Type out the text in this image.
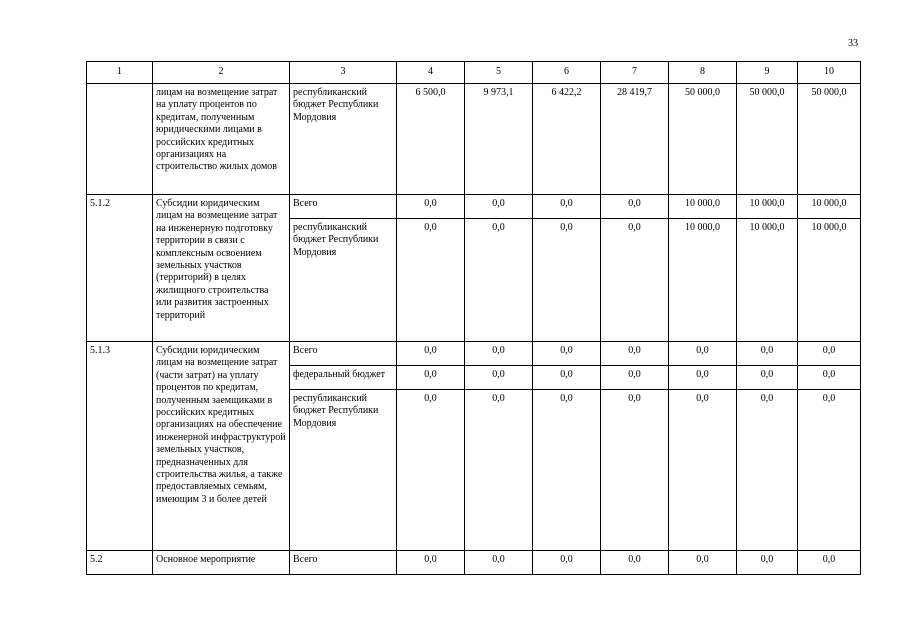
33
1	2	3	4	5	6	7	8	9	10
	лицам на возмещение затрат на уплату процентов по кредитам, полученным юридическими лицами в российских кредитных организациях на строительство жилых домов	республиканский бюджет Республики Мордовия	6 500,0	9 973,1	6 422,2	28 419,7	50 000,0	50 000,0	50 000,0
5.1.2	Субсидии юридическим лицам на возмещение затрат на инженерную подготовку территории в связи с комплексным освоением земельных участков (территорий) в целях жилищного строительства или развития застроенных территорий	Всего	0,0	0,0	0,0	0,0	10 000,0	10 000,0	10 000,0
		республиканский бюджет Республики Мордовия	0,0	0,0	0,0	0,0	10 000,0	10 000,0	10 000,0
5.1.3	Субсидии юридическим лицам на возмещение затрат (части затрат) на уплату процентов по кредитам, полученным заемщиками в российских кредитных организациях на обеспечение инженерной инфраструктурой земельных участков, предназначенных для строительства жилья, а также предоставляемых семьям, имеющим 3 и более детей	Всего	0,0	0,0	0,0	0,0	0,0	0,0	0,0
		федеральный бюджет	0,0	0,0	0,0	0,0	0,0	0,0	0,0
		республиканский бюджет Республики Мордовия	0,0	0,0	0,0	0,0	0,0	0,0	0,0
5.2	Основное мероприятие	Всего	0,0	0,0	0,0	0,0	0,0	0,0	0,0
